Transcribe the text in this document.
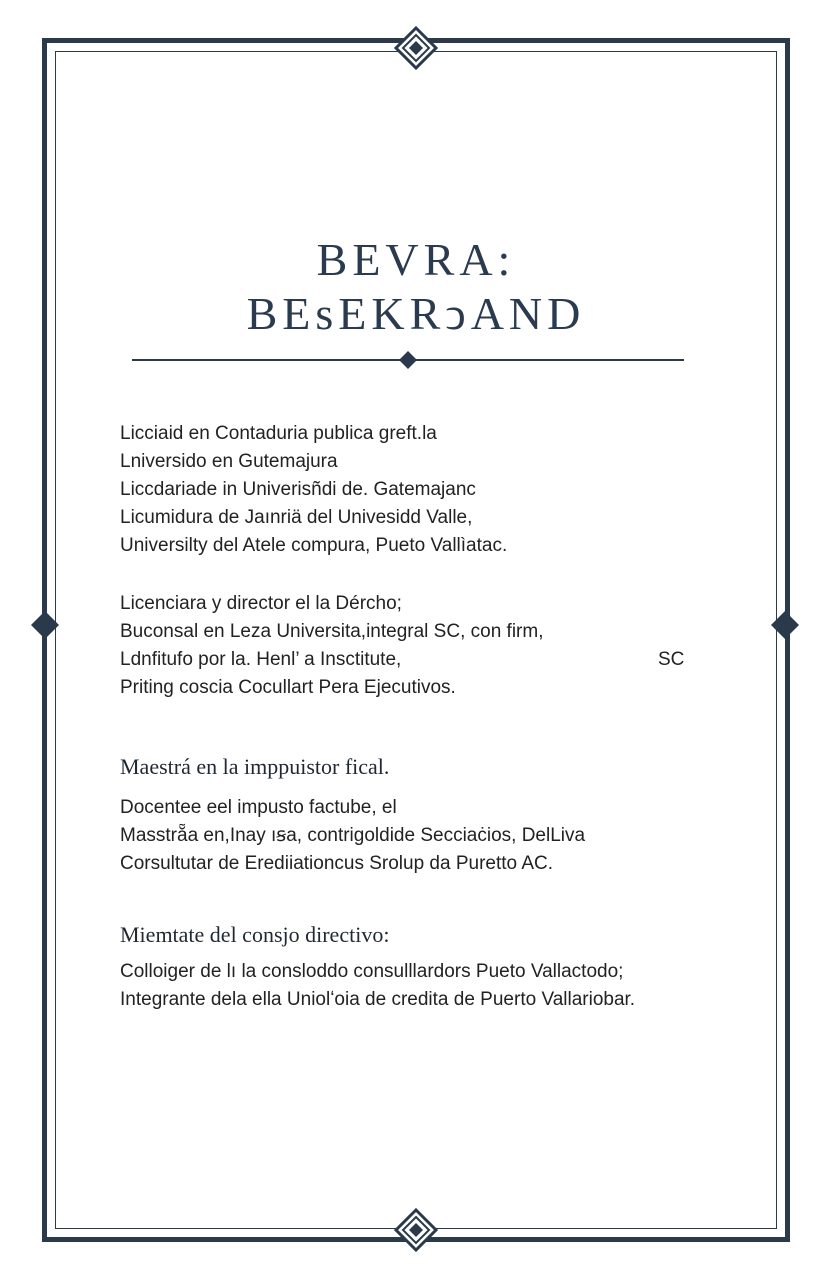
BEVRA:
BEsEKRↄAND
Licciaid en Contaduria publica greft.la
Lniversido en Gutemajura
Liccdariade in Univerisñdi de. Gatemajanc
Licumidura de Jaınriä del Univesidd Valle,
Universilty del Atele compura, Pueto Vallìatac.
Licenciara y director el la Dércho;
Buconsal en Leza Universita,integral SC, con firm,
Ldnfitufo por la. Henl’ a Insctitute,	SC
Priting coscia Cocullart Pera Ejecutivos.
Maestrá en la imppuistor fical.
Docentee eel impusto factube, el
Masstrẵa en,Inay ıꞩa, contrigoldide Secciaċios, DelLiva
Corsultutar de Erediiationcus Srolup da Puretto AC.
Miemtate del consjo directivo:
Colloiger de lı la consloddo consulllardors Pueto Vallactodo;
Integrante dela ella Uniolʻoia de credita de Puerto Vallariobar.
